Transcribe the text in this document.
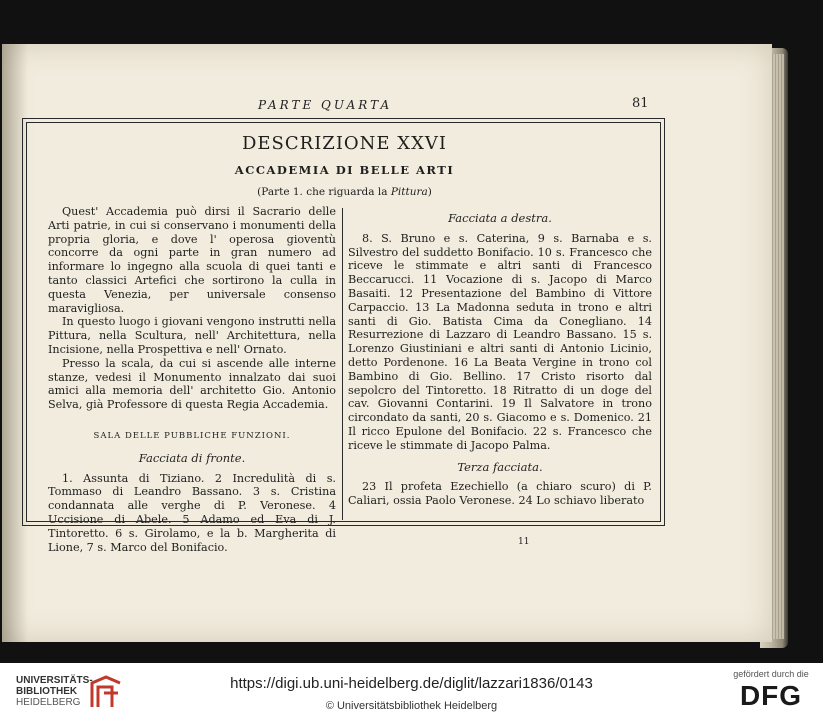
PARTE QUARTA	81
DESCRIZIONE XXVI
ACCADEMIA DI BELLE ARTI
(Parte 1. che riguarda la Pittura)

Quest' Accademia può dirsi il Sacrario delle Arti patrie, in cui si conservano i monumenti della propria gloria, e dove l' operosa gioventù concorre da ogni parte in gran numero ad informare lo ingegno alla scuola di quei tanti e tanto classici Artefici che sortirono la culla in questa Venezia, per universale consenso maravigliosa.

In questo luogo i giovani vengono instrutti nella Pittura, nella Scultura, nell' Architettura, nella Incisione, nella Prospettiva e nell' Ornato.

Presso la scala, da cui si ascende alle interne stanze, vedesi il Monumento innalzato dai suoi amici alla memoria dell' architetto Gio. Antonio Selva, già Professore di questa Regia Accademia.

SALA DELLE PUBBLICHE FUNZIONI.

Facciata di fronte.

1. Assunta di Tiziano. 2 Incredulità di s. Tommaso di Leandro Bassano. 3 s. Cristina condannata alle verghe di P. Veronese. 4 Uccisione di Abele. 5 Adamo ed Eva di J. Tintoretto. 6 s. Girolamo, e la b. Margherita di Lione, 7 s. Marco del Bonifacio.

Facciata a destra.

8. S. Bruno e s. Caterina, 9 s. Barnaba e s. Silvestro del suddetto Bonifacio. 10 s. Francesco che riceve le stimmate e altri santi di Francesco Beccarucci. 11 Vocazione di s. Jacopo di Marco Basaiti. 12 Presentazione del Bambino di Vittore Carpaccio. 13 La Madonna seduta in trono e altri santi di Gio. Batista Cima da Conegliano. 14 Resurrezione di Lazzaro di Leandro Bassano. 15 s. Lorenzo Giustiniani e altri santi di Antonio Licinio, detto Pordenone. 16 La Beata Vergine in trono col Bambino di Gio. Bellino. 17 Cristo risorto dal sepolcro del Tintoretto. 18 Ritratto di un doge del cav. Giovanni Contarini. 19 Il Salvatore in trono circondato da santi, 20 s. Giacomo e s. Domenico. 21 Il ricco Epulone del Bonifacio. 22 s. Francesco che riceve le stimmate di Jacopo Palma.

Terza facciata.

23 Il profeta Ezechiello (a chiaro scuro) di P. Caliari, ossia Paolo Veronese. 24 Lo schiavo liberato

11
UNIVERSITÄTS-
BIBLIOTHEK
HEIDELBERG
https://digi.ub.uni-heidelberg.de/diglit/lazzari1836/0143
© Universitätsbibliothek Heidelberg
gefördert durch die
DFG
